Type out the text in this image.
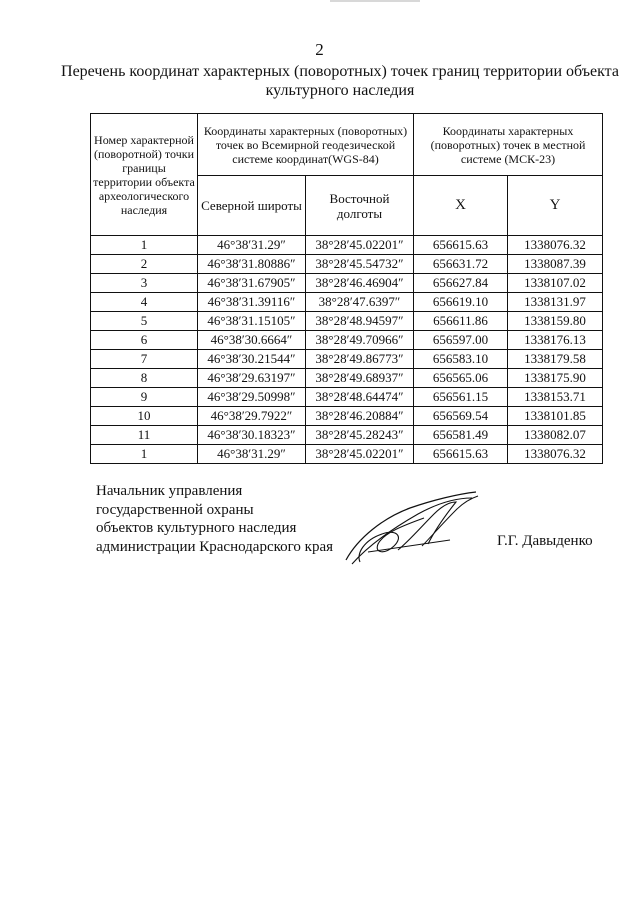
2
Перечень координат характерных (поворотных) точек границ территории объекта культурного наследия
Номер характерной (поворотной) точки границы территории объекта археологического наследия	Координаты характерных (поворотных) точек во Всемирной геодезической системе координат(WGS-84)		Координаты характерных (поворотных) точек в местной системе (МСК-23)	
	Северной широты	Восточной долготы	X	Y
1	46°38′31.29″	38°28′45.02201″	656615.63	1338076.32
2	46°38′31.80886″	38°28′45.54732″	656631.72	1338087.39
3	46°38′31.67905″	38°28′46.46904″	656627.84	1338107.02
4	46°38′31.39116″	38°28′47.6397″	656619.10	1338131.97
5	46°38′31.15105″	38°28′48.94597″	656611.86	1338159.80
6	46°38′30.6664″	38°28′49.70966″	656597.00	1338176.13
7	46°38′30.21544″	38°28′49.86773″	656583.10	1338179.58
8	46°38′29.63197″	38°28′49.68937″	656565.06	1338175.90
9	46°38′29.50998″	38°28′48.64474″	656561.15	1338153.71
10	46°38′29.7922″	38°28′46.20884″	656569.54	1338101.85
11	46°38′30.18323″	38°28′45.28243″	656581.49	1338082.07
1	46°38′31.29″	38°28′45.02201″	656615.63	1338076.32
Начальник управления
государственной охраны
объектов культурного наследия
администрации Краснодарского края	Г.Г. Давыденко
